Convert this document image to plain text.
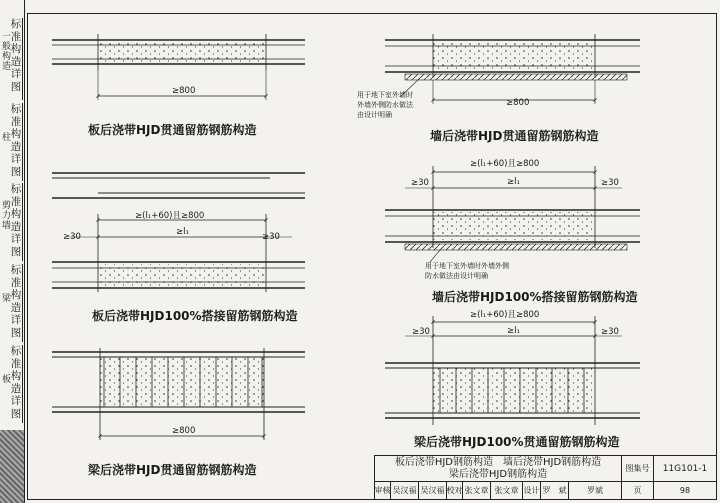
标准构造详图
一般构造
标准构造详图
柱
标准构造详图
剪力墙
标准构造详图
梁
标准构造详图
板
≥800
板后浇带HJD贯通留筋钢筋构造
用于地下室外墙时
外墙外侧防水做法
由设计明确
≥800
墙后浇带HJD贯通留筋钢筋构造
≥(l₁+60)且≥800
≥30	≥l₁	≥30
板后浇带HJD100%搭接留筋钢筋构造
≥(l₁+60)且≥800
≥30	≥l₁	≥30
用于地下室外墙时外墙外侧
防水做法由设计明确
墙后浇带HJD100%搭接留筋钢筋构造
≥800
梁后浇带HJD贯通留筋钢筋构造
≥(l₁+60)且≥800
≥30	≥l₁	≥30
梁后浇带HJD100%贯通留筋钢筋构造
板后浇带HJD钢筋构造　墙后浇带HJD钢筋构造
梁后浇带HJD钢筋构造	图集号	11G101-1
审核 吴汉福 吴汉福 校对 张文章 张文章 设计 罗　斌	罗斌	页	98
